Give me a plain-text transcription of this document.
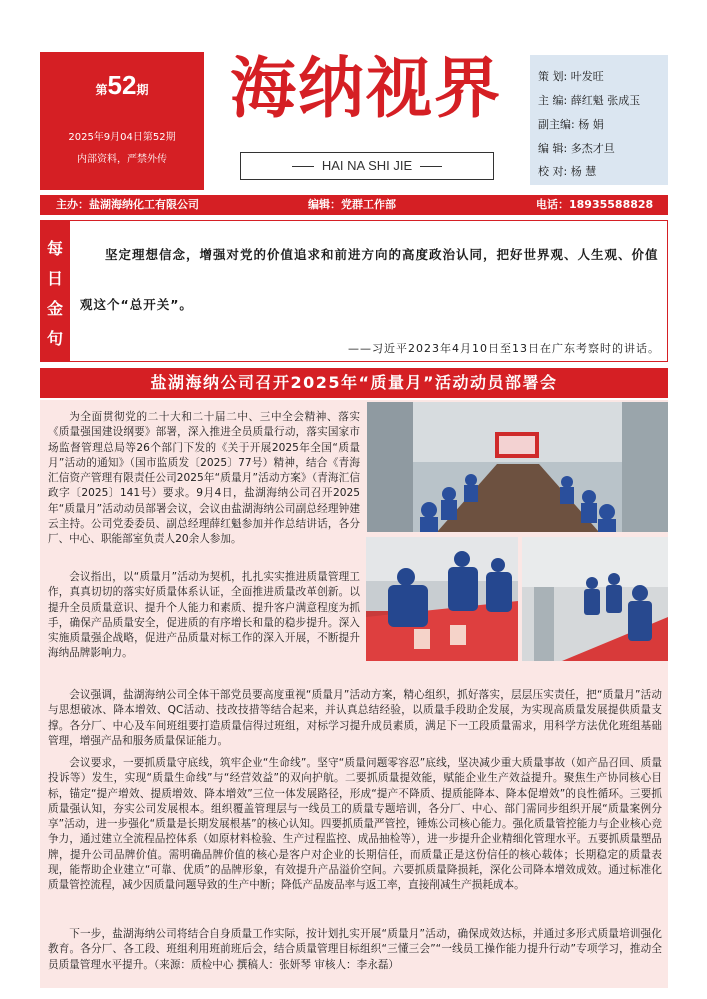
第52期
2025年9月04日第52期
内部资料，严禁外传
海纳视界
HAI NA SHI JIE
策 划: 叶发旺
主 编: 薛红魁 张成玉
副主编: 杨 娟
编 辑: 多杰才旦
校 对: 杨 慧
主办：盐湖海纳化工有限公司	编辑：党群工作部	电话：18935588828
每
日
金
句
坚定理想信念，增强对党的价值追求和前进方向的高度政治认同，把好世界观、人生观、价值观这个“总开关”。
——习近平2023年4月10日至13日在广东考察时的讲话。
盐湖海纳公司召开2025年“质量月”活动动员部署会
为全面贯彻党的二十大和二十届二中、三中全会精神、落实《质量强国建设纲要》部署，深入推进全员质量行动，落实国家市场监督管理总局等26个部门下发的《关于开展2025年全国“质量月”活动的通知》（国市监质发〔2025〕77号）精神，结合《青海汇信资产管理有限责任公司2025年“质量月”活动方案》（青海汇信政字〔2025〕141号）要求。9月4日，盐湖海纳公司召开2025年“质量月”活动动员部署会议，会议由盐湖海纳公司副总经理钟建云主持。公司党委委员、副总经理薛红魁参加并作总结讲话，各分厂、中心、职能部室负责人20余人参加。
会议指出，以“质量月”活动为契机，扎扎实实推进质量管理工作，真真切切的落实好质量体系认证，全面推进质量改革创新。以提升全员质量意识、提升个人能力和素质、提升客户满意程度为抓手，确保产品质量安全，促进质的有序增长和量的稳步提升。深入实施质量强企战略，促进产品质量对标工作的深入开展，不断提升海纳品牌影响力。
会议强调，盐湖海纳公司全体干部党员要高度重视“质量月”活动方案，精心组织，抓好落实，层层压实责任，把“质量月”活动与思想破冰、降本增效、QC活动、技改技措等结合起来，并认真总结经验，以质量手段助企发展，为实现高质量发展提供质量支撑。各分厂、中心及车间班组要打造质量信得过班组，对标学习提升成员素质，满足下一工段质量需求，用科学方法优化班组基础管理，增强产品和服务质量保证能力。
会议要求，一要抓质量守底线，筑牢企业“生命线”。坚守“质量问题零容忍”底线，坚决减少重大质量事故（如产品召回、质量投诉等）发生，实现“质量生命线”与“经营效益”的双向护航。二要抓质量提效能，赋能企业生产效益提升。聚焦生产协同核心目标，锚定“提产增效、提质增效、降本增效”三位一体发展路径，形成“提产不降质、提质能降本、降本促增效”的良性循环。三要抓质量强认知，夯实公司发展根本。组织覆盖管理层与一线员工的质量专题培训，各分厂、中心、部门需同步组织开展“质量案例分享”活动，进一步强化“质量是长期发展根基”的核心认知。四要抓质量严管控，锤炼公司核心能力。强化质量管控能力与企业核心竞争力，通过建立全流程品控体系（如原材料检验、生产过程监控、成品抽检等），进一步提升企业精细化管理水平。五要抓质量塑品牌，提升公司品牌价值。需明确品牌价值的核心是客户对企业的长期信任，而质量正是这份信任的核心载体；长期稳定的质量表现，能帮助企业建立“可靠、优质”的品牌形象，有效提升产品溢价空间。六要抓质量降损耗，深化公司降本增效成效。通过标准化质量管控流程，减少因质量问题导致的生产中断；降低产品废品率与返工率，直接削减生产损耗成本。
下一步，盐湖海纳公司将结合自身质量工作实际，按计划扎实开展“质量月”活动，确保成效达标，并通过多形式质量培训强化教育。各分厂、各工段、班组利用班前班后会，结合质量管理目标组织“三懂三会”“一线员工操作能力提升行动”专项学习，推动全员质量管理水平提升。（来源：质检中心 撰稿人：张妍琴 审核人：李永磊）
